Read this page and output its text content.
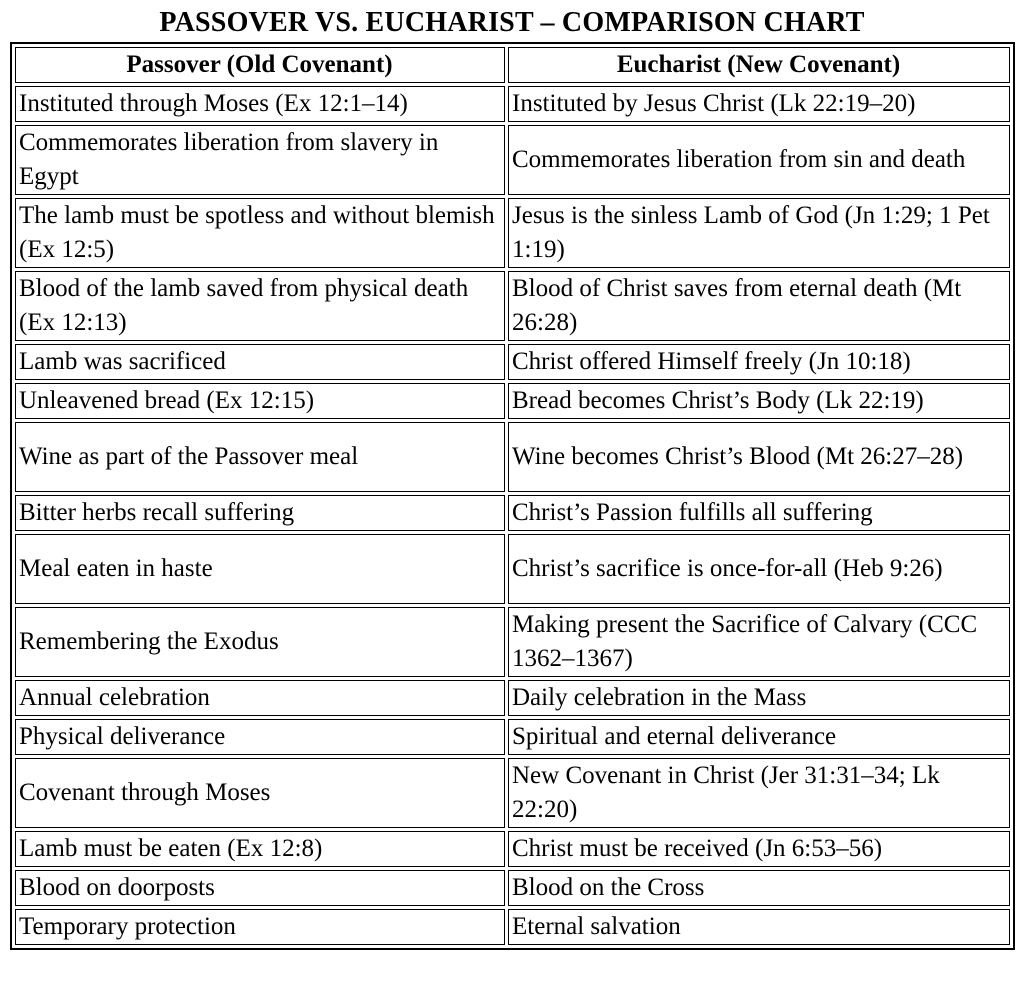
PASSOVER VS. EUCHARIST – COMPARISON CHART
Passover (Old Covenant)	Eucharist (New Covenant)
Instituted through Moses (Ex 12:1–14)	Instituted by Jesus Christ (Lk 22:19–20)
Commemorates liberation from slavery in Egypt	Commemorates liberation from sin and death
The lamb must be spotless and without blemish (Ex 12:5)	Jesus is the sinless Lamb of God (Jn 1:29; 1 Pet 1:19)
Blood of the lamb saved from physical death (Ex 12:13)	Blood of Christ saves from eternal death (Mt 26:28)
Lamb was sacrificed	Christ offered Himself freely (Jn 10:18)
Unleavened bread (Ex 12:15)	Bread becomes Christ’s Body (Lk 22:19)
Wine as part of the Passover meal	Wine becomes Christ’s Blood (Mt 26:27–28)
Bitter herbs recall suffering	Christ’s Passion fulfills all suffering
Meal eaten in haste	Christ’s sacrifice is once-for-all (Heb 9:26)
Remembering the Exodus	Making present the Sacrifice of Calvary (CCC 1362–1367)
Annual celebration	Daily celebration in the Mass
Physical deliverance	Spiritual and eternal deliverance
Covenant through Moses	New Covenant in Christ (Jer 31:31–34; Lk 22:20)
Lamb must be eaten (Ex 12:8)	Christ must be received (Jn 6:53–56)
Blood on doorposts	Blood on the Cross
Temporary protection	Eternal salvation
